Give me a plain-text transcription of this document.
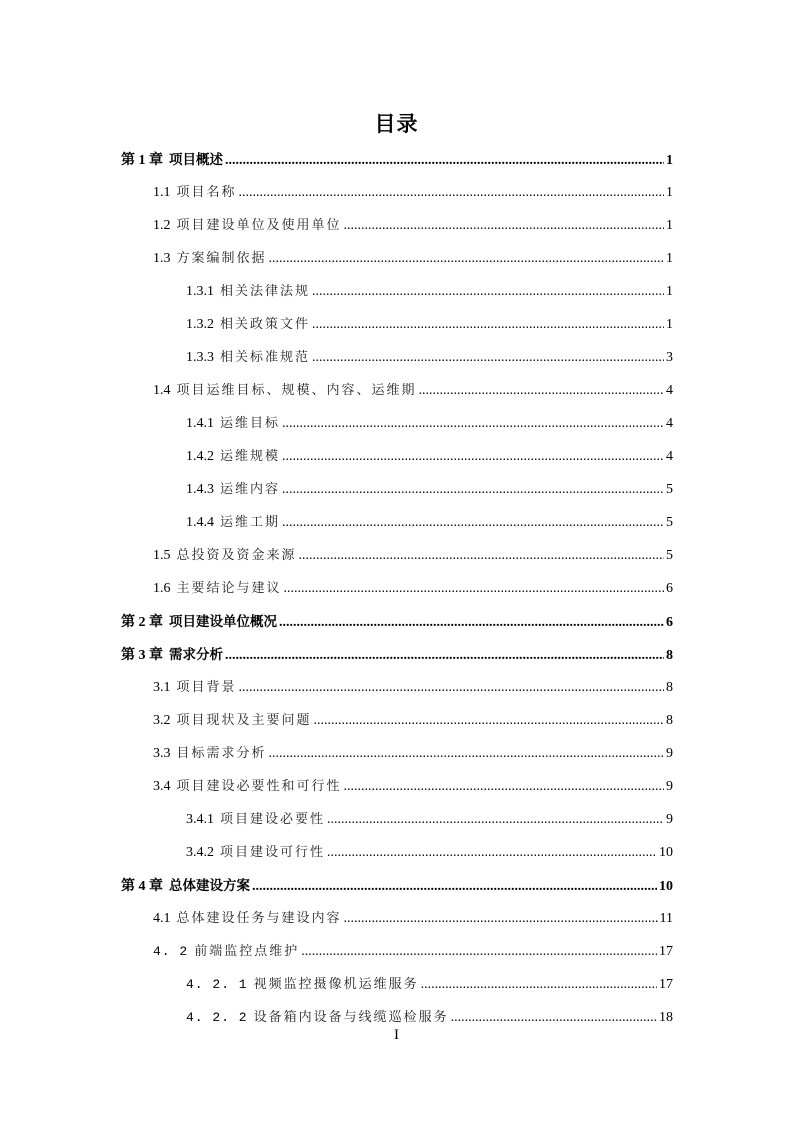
目录
第 1 章 项目概述 .....	1
1.1 项目名称 .....	1
1.2 项目建设单位及使用单位 .....	1
1.3 方案编制依据 .....	1
1.3.1 相关法律法规 .....	1
1.3.2 相关政策文件 .....	1
1.3.3 相关标准规范 .....	3
1.4 项目运维目标、规模、内容、运维期 .....	4
1.4.1 运维目标 .....	4
1.4.2 运维规模 .....	4
1.4.3 运维内容 .....	5
1.4.4 运维工期 .....	5
1.5 总投资及资金来源 .....	5
1.6 主要结论与建议 .....	6
第 2 章 项目建设单位概况 .....	6
第 3 章 需求分析 .....	8
3.1 项目背景 .....	8
3.2 项目现状及主要问题 .....	8
3.3 目标需求分析 .....	9
3.4 项目建设必要性和可行性 .....	9
3.4.1 项目建设必要性 .....	9
3.4.2 项目建设可行性 .....	10
第 4 章 总体建设方案 .....	10
4.1 总体建设任务与建设内容 .....	11
4. 2 前端监控点维护 .....	17
4. 2. 1 视频监控摄像机运维服务 .....	17
4. 2. 2 设备箱内设备与线缆巡检服务 .....	18
I
